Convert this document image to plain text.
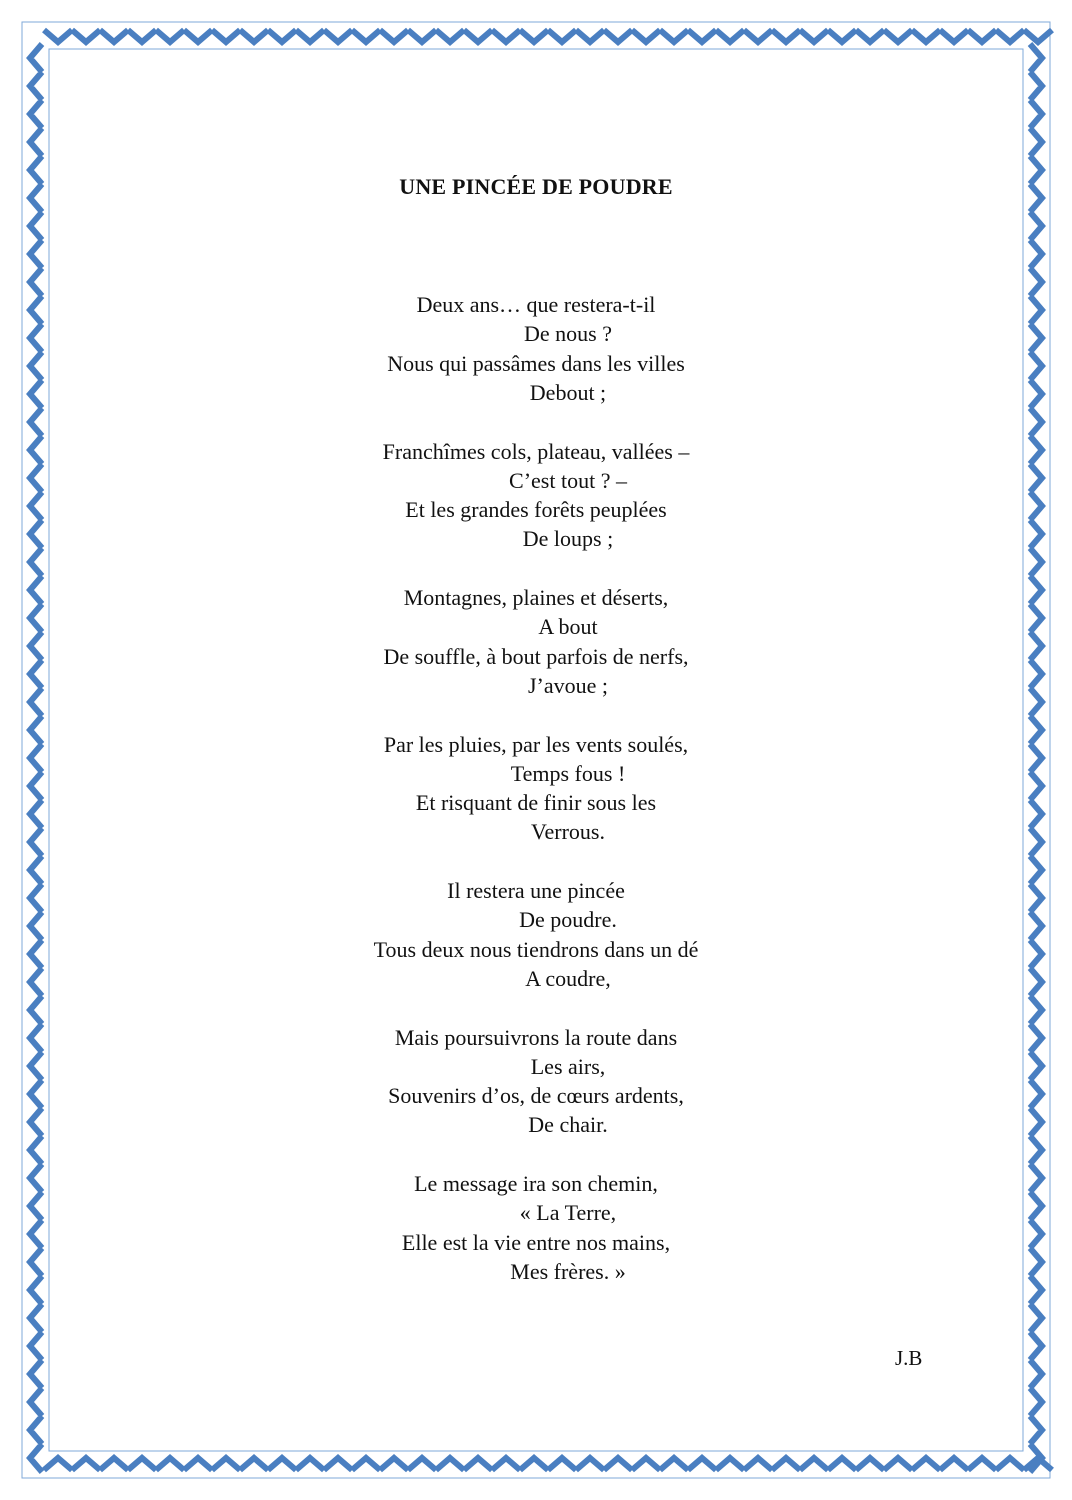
UNE PINCÉE DE POUDRE
Deux ans… que restera-t-il
De nous ?
Nous qui passâmes dans les villes
Debout ;
Franchîmes cols, plateau, vallées –
C’est tout ? –
Et les grandes forêts peuplées
De loups ;
Montagnes, plaines et déserts,
A bout
De souffle, à bout parfois de nerfs,
J’avoue ;
Par les pluies, par les vents soulés,
Temps fous !
Et risquant de finir sous les
Verrous.
Il restera une pincée
De poudre.
Tous deux nous tiendrons dans un dé
A coudre,
Mais poursuivrons la route dans
Les airs,
Souvenirs d’os, de cœurs ardents,
De chair.
Le message ira son chemin,
« La Terre,
Elle est la vie entre nos mains,
Mes frères. »
J.B
